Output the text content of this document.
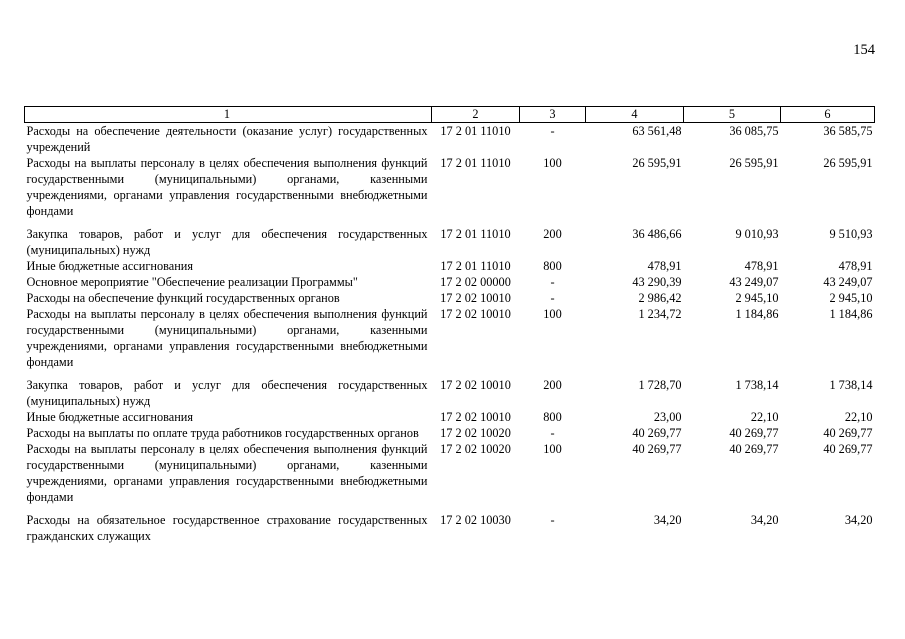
154
1	2	3	4	5	6
Расходы на обеспечение деятельности (оказание услуг) государственных учреждений	17 2 01 11010	-	63 561,48	36 085,75	36 585,75
Расходы на выплаты персоналу в целях обеспечения выполнения функций государственными (муниципальными) органами, казенными учреждениями, органами управления государственными внебюджетными фондами	17 2 01 11010	100	26 595,91	26 595,91	26 595,91
Закупка товаров, работ и услуг для обеспечения государственных (муниципальных) нужд	17 2 01 11010	200	36 486,66	9 010,93	9 510,93
Иные бюджетные ассигнования	17 2 01 11010	800	478,91	478,91	478,91
Основное мероприятие "Обеспечение реализации Программы"	17 2 02 00000	-	43 290,39	43 249,07	43 249,07
Расходы на обеспечение функций государственных органов	17 2 02 10010	-	2 986,42	2 945,10	2 945,10
Расходы на выплаты персоналу в целях обеспечения выполнения функций государственными (муниципальными) органами, казенными учреждениями, органами управления государственными внебюджетными фондами	17 2 02 10010	100	1 234,72	1 184,86	1 184,86
Закупка товаров, работ и услуг для обеспечения государственных (муниципальных) нужд	17 2 02 10010	200	1 728,70	1 738,14	1 738,14
Иные бюджетные ассигнования	17 2 02 10010	800	23,00	22,10	22,10
Расходы на выплаты по оплате труда работников государственных органов	17 2 02 10020	-	40 269,77	40 269,77	40 269,77
Расходы на выплаты персоналу в целях обеспечения выполнения функций государственными (муниципальными) органами, казенными учреждениями, органами управления государственными внебюджетными фондами	17 2 02 10020	100	40 269,77	40 269,77	40 269,77
Расходы на обязательное государственное страхование государственных гражданских служащих	17 2 02 10030	-	34,20	34,20	34,20
